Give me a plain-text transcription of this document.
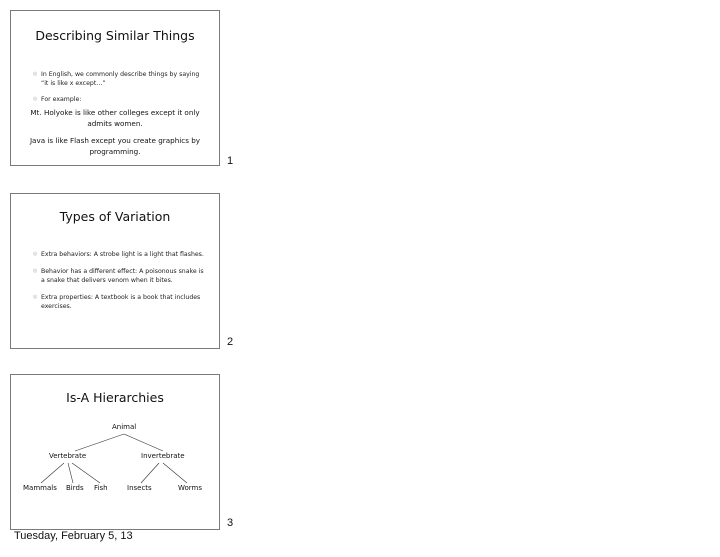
Describing Similar Things
◎ In English, we commonly describe things by saying “it is like x except…”
◎ For example:
Mt. Holyoke is like other colleges except it only admits women.
Java is like Flash except you create graphics by programming.
1
Types of Variation
◎ Extra behaviors: A strobe light is a light that flashes.
◎ Behavior has a different effect: A poisonous snake is a snake that delivers venom when it bites.
◎ Extra properties: A textbook is a book that includes exercises.
2
Is-A Hierarchies
Animal
Vertebrate	Invertebrate
Mammals Birds Fish	Insects	Worms
3
Tuesday, February 5, 13
